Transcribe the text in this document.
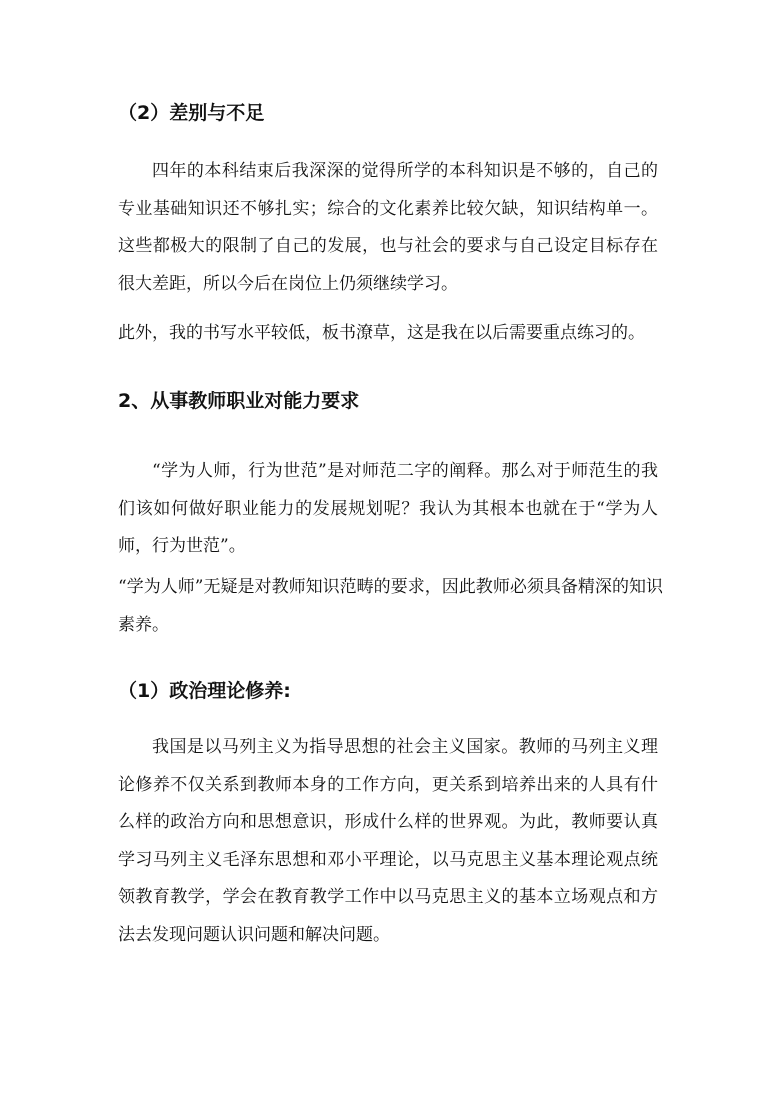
（2）差别与不足

四年的本科结束后我深深的觉得所学的本科知识是不够的，自己的专业基础知识还不够扎实；综合的文化素养比较欠缺，知识结构单一。这些都极大的限制了自己的发展，也与社会的要求与自己设定目标存在很大差距，所以今后在岗位上仍须继续学习。

此外，我的书写水平较低，板书潦草，这是我在以后需要重点练习的。

2、从事教师职业对能力要求

“学为人师，行为世范”是对师范二字的阐释。那么对于师范生的我们该如何做好职业能力的发展规划呢？我认为其根本也就在于“学为人师，行为世范”。

“学为人师”无疑是对教师知识范畴的要求，因此教师必须具备精深的知识素养。

（1）政治理论修养:

我国是以马列主义为指导思想的社会主义国家。教师的马列主义理论修养不仅关系到教师本身的工作方向，更关系到培养出来的人具有什么样的政治方向和思想意识，形成什么样的世界观。为此，教师要认真学习马列主义毛泽东思想和邓小平理论，以马克思主义基本理论观点统领教育教学，学会在教育教学工作中以马克思主义的基本立场观点和方法去发现问题认识问题和解决问题。
